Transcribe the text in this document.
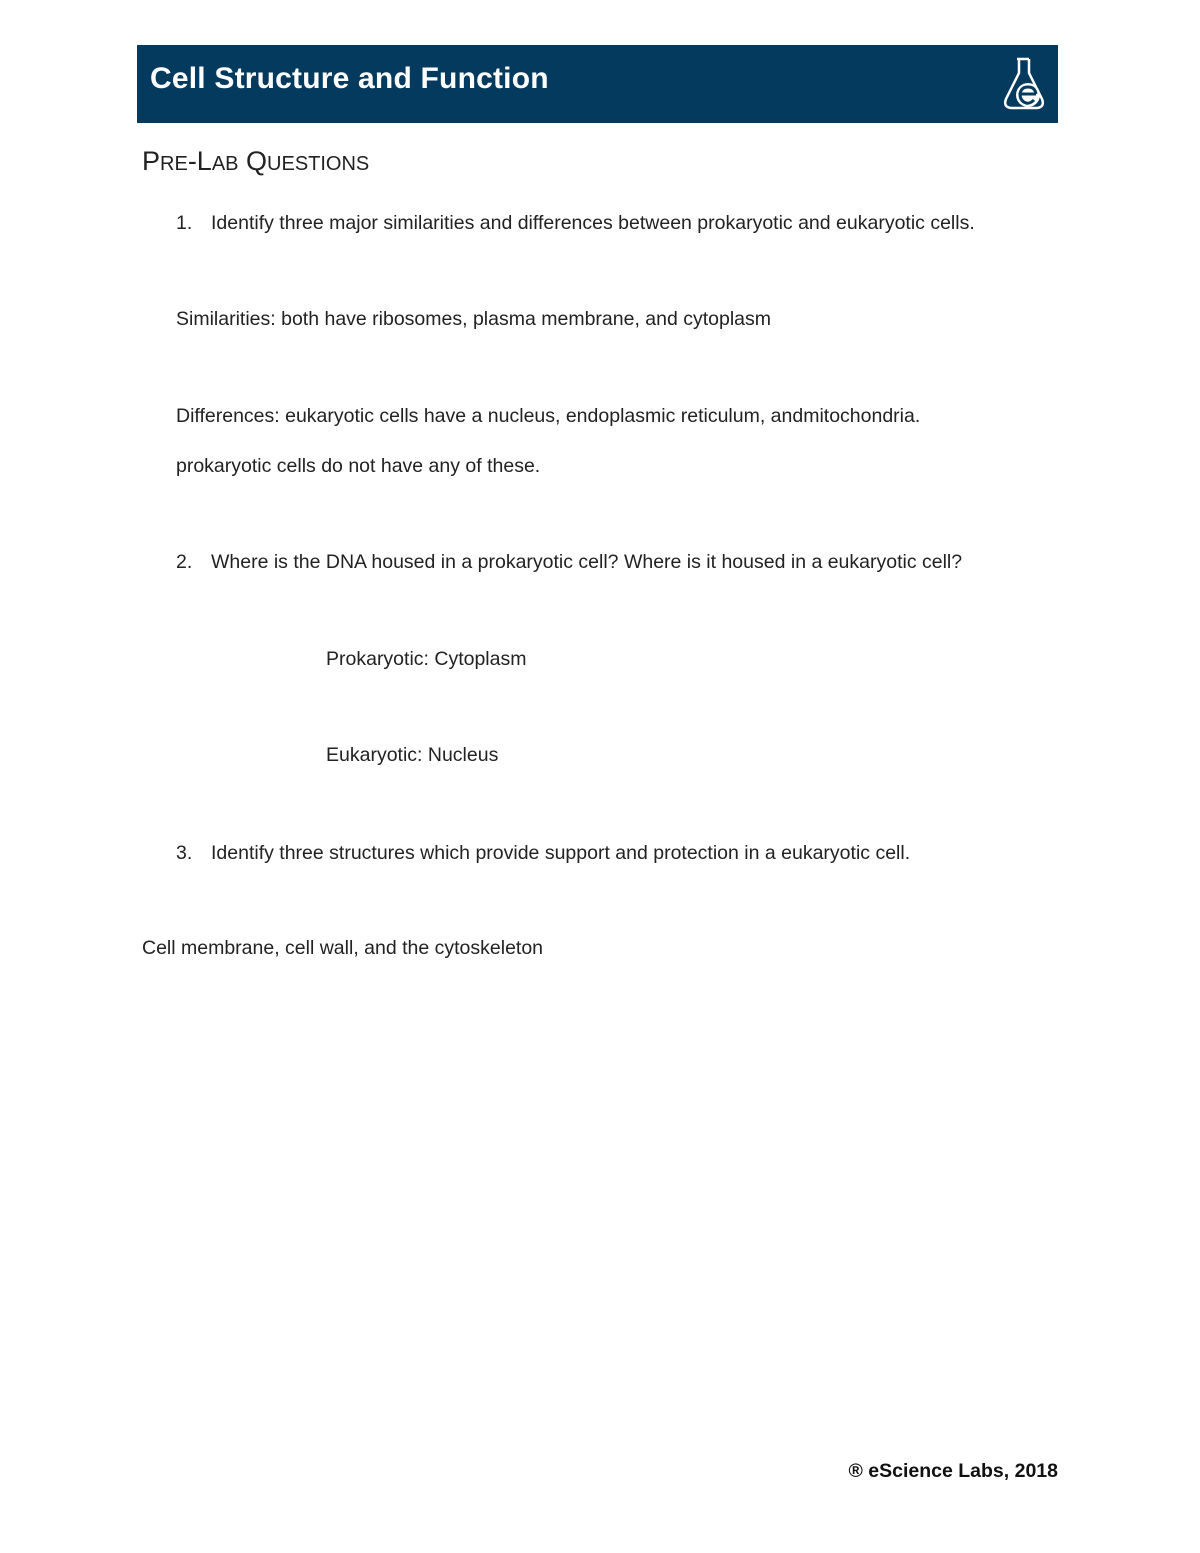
Cell Structure and Function
PRE-LAB QUESTIONS
1. Identify three major similarities and differences between prokaryotic and eukaryotic cells.
Similarities: both have ribosomes, plasma membrane, and cytoplasm
Differences: eukaryotic cells have a nucleus, endoplasmic reticulum, andmitochondria.
prokaryotic cells do not have any of these.
2. Where is the DNA housed in a prokaryotic cell? Where is it housed in a eukaryotic cell?
Prokaryotic: Cytoplasm
Eukaryotic: Nucleus
3. Identify three structures which provide support and protection in a eukaryotic cell.
Cell membrane, cell wall, and the cytoskeleton
® eScience Labs, 2018
